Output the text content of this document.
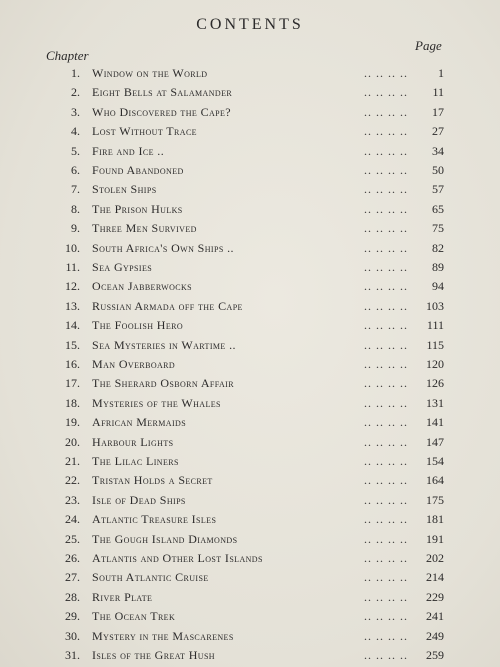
CONTENTS
Chapter
Page
1. Window on the World	.. .. .. ..	1
2. Eight Bells at Salamander	.. .. .. ..	11
3. Who Discovered the Cape?	.. .. .. ..	17
4. Lost Without Trace	.. .. .. ..	27
5. Fire and Ice ..	.. .. .. ..	34
6. Found Abandoned	.. .. .. ..	50
7. Stolen Ships	.. .. .. ..	57
8. The Prison Hulks	.. .. .. ..	65
9. Three Men Survived	.. .. .. ..	75
10. South Africa's Own Ships ..	.. .. .. ..	82
11. Sea Gypsies	.. .. .. ..	89
12. Ocean Jabberwocks	.. .. .. ..	94
13. Russian Armada off the Cape	.. .. .. ..	103
14. The Foolish Hero	.. .. .. ..	111
15. Sea Mysteries in Wartime ..	.. .. .. ..	115
16. Man Overboard	.. .. .. ..	120
17. The Sherard Osborn Affair	.. .. .. ..	126
18. Mysteries of the Whales	.. .. .. ..	131
19. African Mermaids	.. .. .. ..	141
20. Harbour Lights	.. .. .. ..	147
21. The Lilac Liners	.. .. .. ..	154
22. Tristan Holds a Secret	.. .. .. ..	164
23. Isle of Dead Ships	.. .. .. ..	175
24. Atlantic Treasure Isles	.. .. .. ..	181
25. The Gough Island Diamonds	.. .. .. ..	191
26. Atlantis and Other Lost Islands	.. .. .. ..	202
27. South Atlantic Cruise	.. .. .. ..	214
28. River Plate	.. .. .. ..	229
29. The Ocean Trek	.. .. .. ..	241
30. Mystery in the Mascarenes	.. .. .. ..	249
31. Isles of the Great Hush	.. .. .. ..	259
